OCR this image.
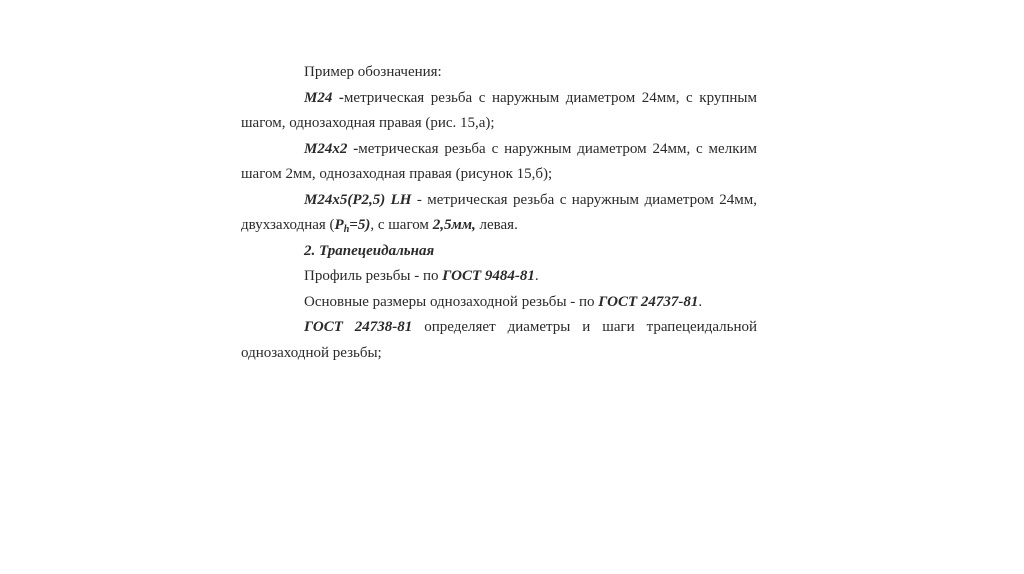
Пример обозначения:

М24 -метрическая резьба с наружным диаметром 24мм, с крупным шагом, однозаходная правая (рис. 15,а);

М24х2 -метрическая резьба с наружным диаметром 24мм, с мелким шагом 2мм, однозаходная правая (рисунок 15,б);

М24х5(Р2,5) LH - метрическая резьба с наружным диаметром 24мм, двухзаходная $(P_h=5)$, с шагом 2,5мм, левая.

2. Трапецеидальная

Профиль резьбы - по ГОСТ 9484-81.

Основные размеры однозаходной резьбы - по ГОСТ 24737-81.

ГОСТ 24738-81 определяет диаметры и шаги трапецеидальной однозаходной резьбы;
